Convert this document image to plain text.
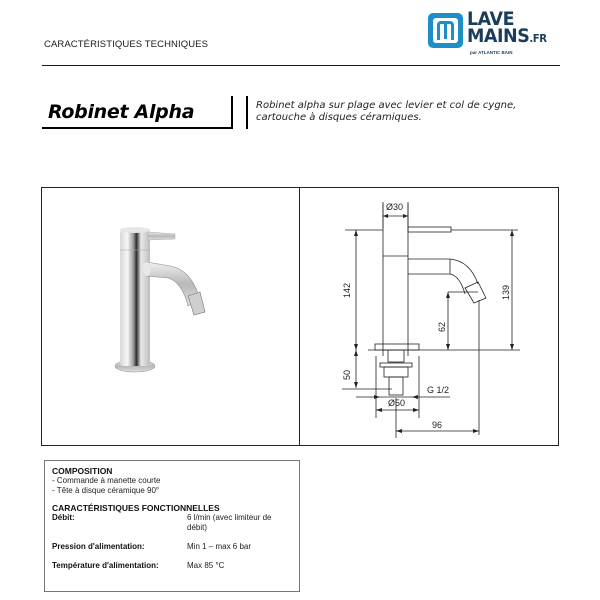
CARACTÉRISTIQUES TECHNIQUES
LAVE
MAINS.FR
par ATLANTIC BAIN
Robinet Alpha	Robinet alpha sur plage avec levier et col de cygne, cartouche à disques céramiques.
Ø30
142	139
62
50
G 1/2
Ø50
96
COMPOSITION
- Commande à manette courte
- Tête à disque céramique 90°
CARACTÉRISTIQUES FONCTIONNELLES
Débit:	6 l/min (avec limiteur de débit)
Pression d'alimentation:	Min 1 – max 6 bar
Température d'alimentation:	Max 85 °C
